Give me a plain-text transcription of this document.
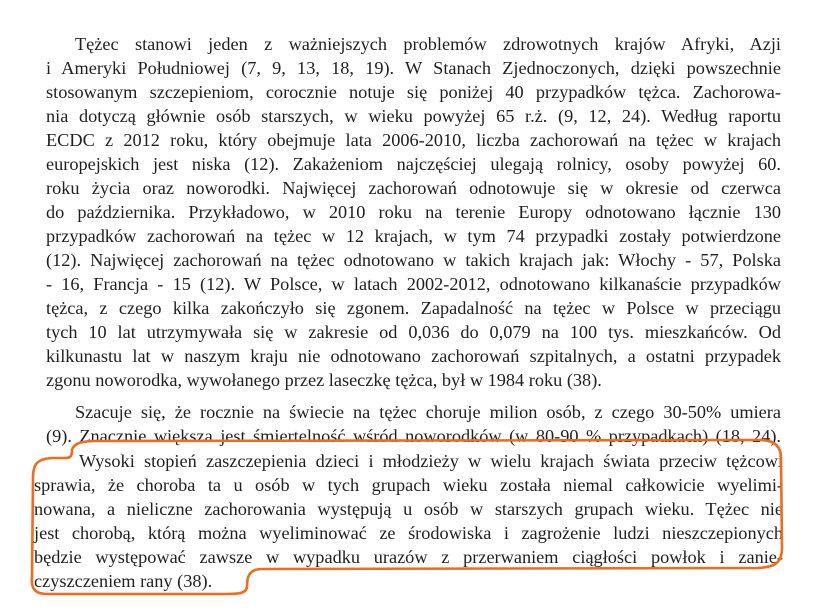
Tężec stanowi jeden z ważniejszych problemów zdrowotnych krajów Afryki, Azji
i Ameryki Południowej (7, 9, 13, 18, 19). W Stanach Zjednoczonych, dzięki powszechnie
stosowanym szczepieniom, corocznie notuje się poniżej 40 przypadków tężca. Zachorowa-
nia dotyczą głównie osób starszych, w wieku powyżej 65 r.ż. (9, 12, 24). Według raportu
ECDC z 2012 roku, który obejmuje lata 2006-2010, liczba zachorowań na tężec w krajach
europejskich jest niska (12). Zakażeniom najczęściej ulegają rolnicy, osoby powyżej 60.
roku życia oraz noworodki. Najwięcej zachorowań odnotowuje się w okresie od czerwca
do października. Przykładowo, w 2010 roku na terenie Europy odnotowano łącznie 130
przypadków zachorowań na tężec w 12 krajach, w tym 74 przypadki zostały potwierdzone
(12). Najwięcej zachorowań na tężec odnotowano w takich krajach jak: Włochy - 57, Polska
- 16, Francja - 15 (12). W Polsce, w latach 2002-2012, odnotowano kilkanaście przypadków
tężca, z czego kilka zakończyło się zgonem. Zapadalność na tężec w Polsce w przeciągu
tych 10 lat utrzymywała się w zakresie od 0,036 do 0,079 na 100 tys. mieszkańców. Od
kilkunastu lat w naszym kraju nie odnotowano zachorowań szpitalnych, a ostatni przypadek
zgonu noworodka, wywołanego przez laseczkę tężca, był w 1984 roku (38).
Szacuje się, że rocznie na świecie na tężec choruje milion osób, z czego 30-50% umiera
(9). Znacznie większa jest śmiertelność wśród noworodków (w 80-90 % przypadkach) (18, 24).
Wysoki stopień zaszczepienia dzieci i młodzieży w wielu krajach świata przeciw tężcowi
sprawia, że choroba ta u osób w tych grupach wieku została niemal całkowicie wyelimi-
nowana, a nieliczne zachorowania występują u osób w starszych grupach wieku. Tężec nie
jest chorobą, którą można wyeliminować ze środowiska i zagrożenie ludzi nieszczepionych
będzie występować zawsze w wypadku urazów z przerwaniem ciągłości powłok i zanie-
czyszczeniem rany (38).
